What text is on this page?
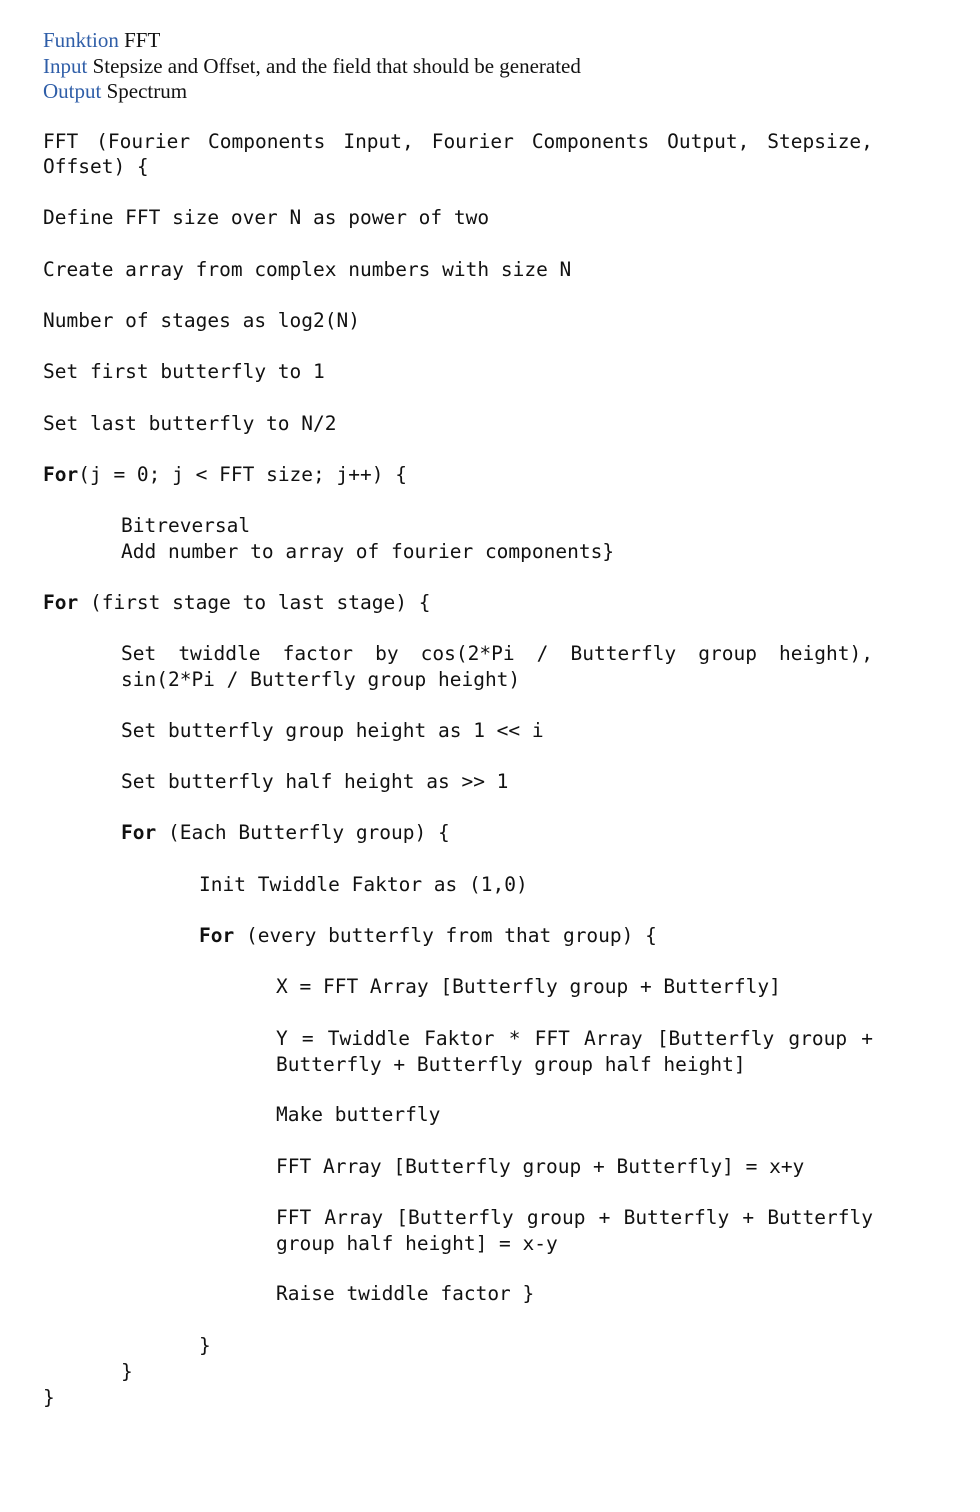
Funktion FFT

Input Stepsize and Offset, and the field that should be generated

Output Spectrum

FFT (Fourier Components Input, Fourier Components Output, Stepsize,
Offset) {
Define FFT size over N as power of two
Create array from complex numbers with size N
Number of stages as log2(N)
Set first butterfly to 1
Set last butterfly to N/2
For(j = 0; j < FFT size; j++) {
Bitreversal
Add number to array of fourier components}
For (first stage to last stage) {
Set twiddle factor by cos(2*Pi / Butterfly group height),
sin(2*Pi / Butterfly group height)
Set butterfly group height as 1 << i
Set butterfly half height as >> 1
For (Each Butterfly group) {
Init Twiddle Faktor as (1,0)
For (every butterfly from that group) {
X = FFT Array [Butterfly group + Butterfly]
Y = Twiddle Faktor * FFT Array [Butterfly group +
Butterfly + Butterfly group half height]
Make butterfly
FFT Array [Butterfly group + Butterfly] = x+y
FFT Array [Butterfly group + Butterfly + Butterfly
group half height] = x-y
Raise twiddle factor }
}
}
}
